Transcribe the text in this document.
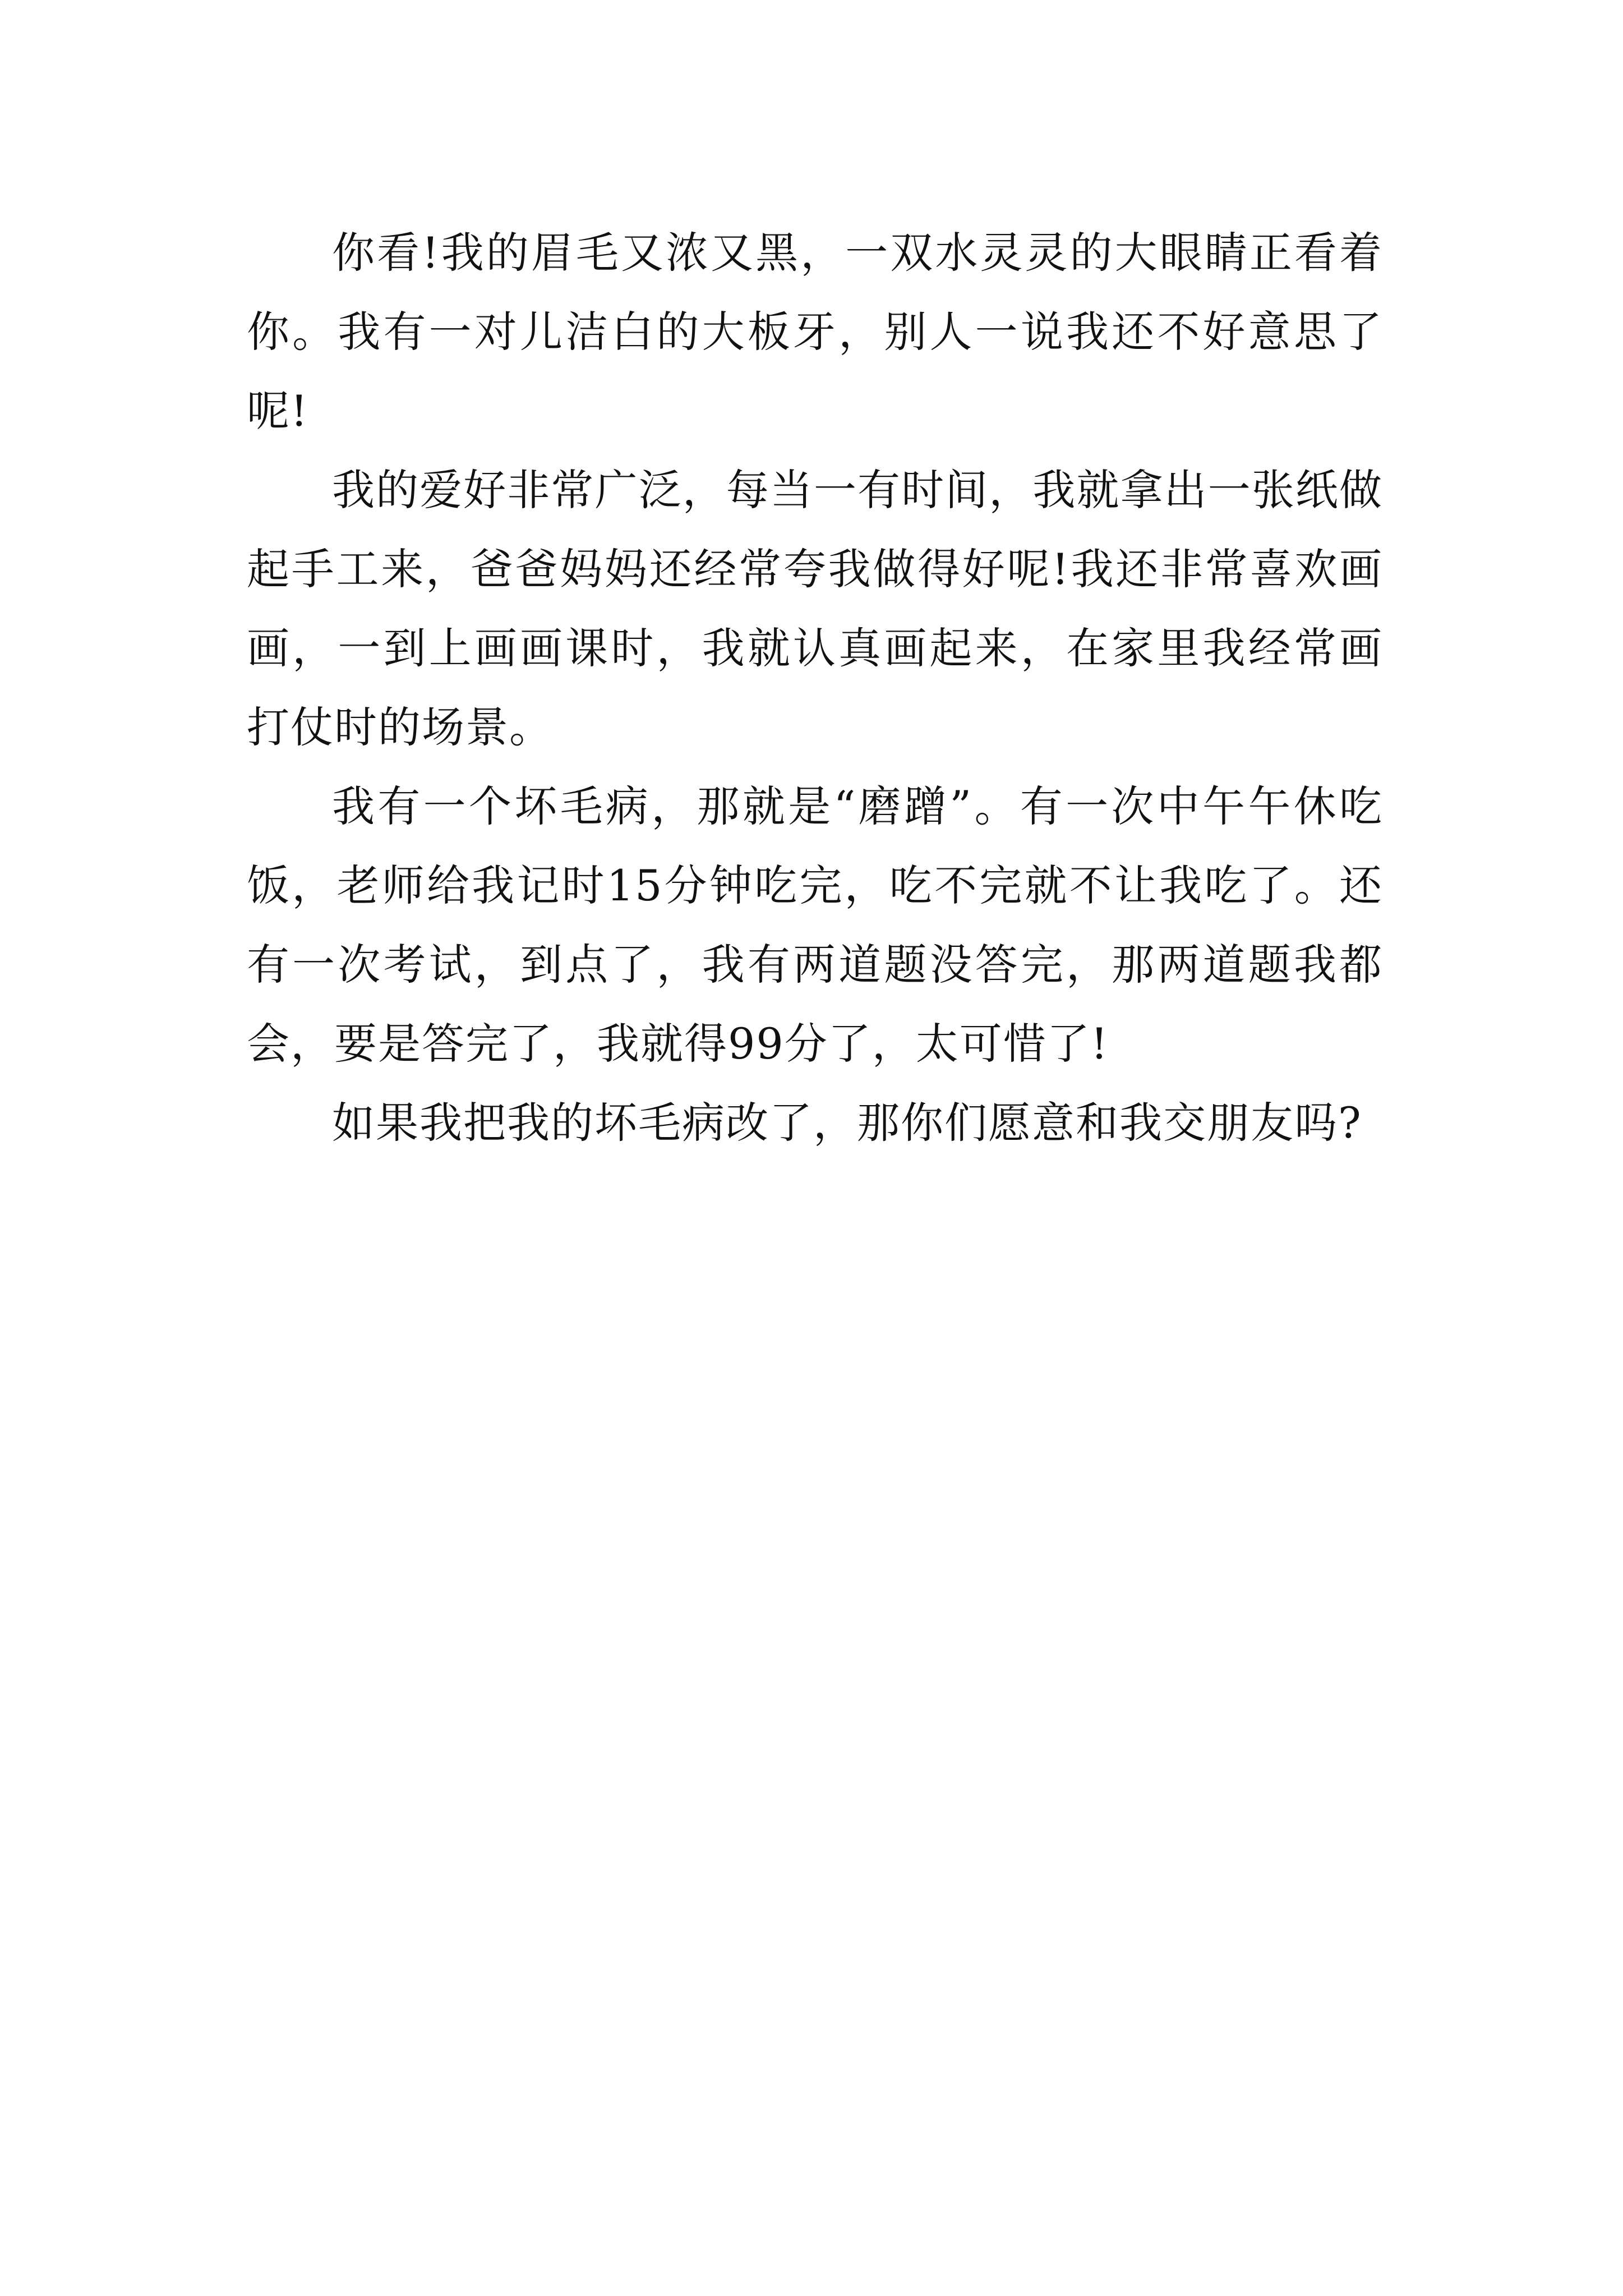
你看!我的眉毛又浓又黑，一双水灵灵的大眼睛正看着你。我有一对儿洁白的大板牙，别人一说我还不好意思了呢!

我的爱好非常广泛，每当一有时间，我就拿出一张纸做起手工来，爸爸妈妈还经常夸我做得好呢!我还非常喜欢画画，一到上画画课时，我就认真画起来，在家里我经常画打仗时的场景。

我有一个坏毛病，那就是“磨蹭”。有一次中午午休吃饭，老师给我记时15分钟吃完，吃不完就不让我吃了。还有一次考试，到点了，我有两道题没答完，那两道题我都会，要是答完了，我就得99分了，太可惜了!

如果我把我的坏毛病改了，那你们愿意和我交朋友吗?
